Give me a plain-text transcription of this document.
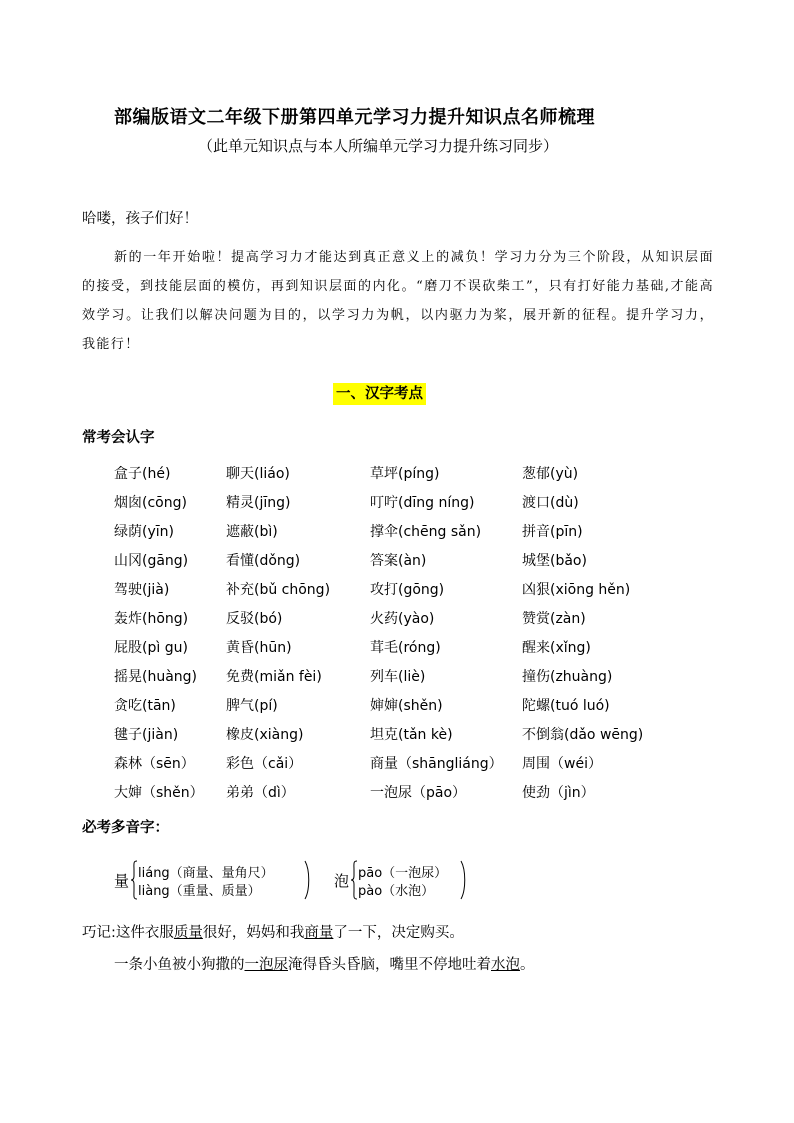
部编版语文二年级下册第四单元学习力提升知识点名师梳理
（此单元知识点与本人所编单元学习力提升练习同步）
哈喽，孩子们好！
新的一年开始啦！提高学习力才能达到真正意义上的减负！学习力分为三个阶段，从知识层面的接受，到技能层面的模仿，再到知识层面的内化。“磨刀不误砍柴工”，只有打好能力基础,才能高效学习。让我们以解决问题为目的，以学习力为帆，以内驱力为桨，展开新的征程。提升学习力，我能行！
一、汉字考点
常考会认字
盒子(hé)	聊天(liáo)	草坪(píng)	葱郁(yù)
烟囱(cōng)	精灵(jīng)	叮咛(dīng níng)	渡口(dù)
绿荫(yīn)	遮蔽(bì)	撑伞(chēng sǎn)	拼音(pīn)
山冈(gāng)	看懂(dǒng)	答案(àn)	城堡(bǎo)
驾驶(jià)	补充(bǔ chōng)	攻打(gōng)	凶狠(xiōng hěn)
轰炸(hōng)	反驳(bó)	火药(yào)	赞赏(zàn)
屁股(pì gu)	黄昏(hūn)	茸毛(róng)	醒来(xǐng)
摇晃(huàng) 免费(miǎn fèi)	列车(liè)	撞伤(zhuàng)
贪吃(tān)	脾气(pí)	婶婶(shěn)	陀螺(tuó luó)
毽子(jiàn)	橡皮(xiàng)	坦克(tǎn kè)	不倒翁(dǎo wēng)
森林（sēn） 彩色（cǎi）	商量（shāngliáng） 周围（wéi）
大婶（shěn） 弟弟（dì）	一泡尿（pāo）	使劲（jìn）
必考多音字：
量 liáng（商量、量角尺）
liàng（重量、质量）
泡 pāo（一泡尿）
pào（水泡）
巧记:这件衣服质量很好，妈妈和我商量了一下，决定购买。
一条小鱼被小狗撒的一泡尿淹得昏头昏脑，嘴里不停地吐着水泡。
